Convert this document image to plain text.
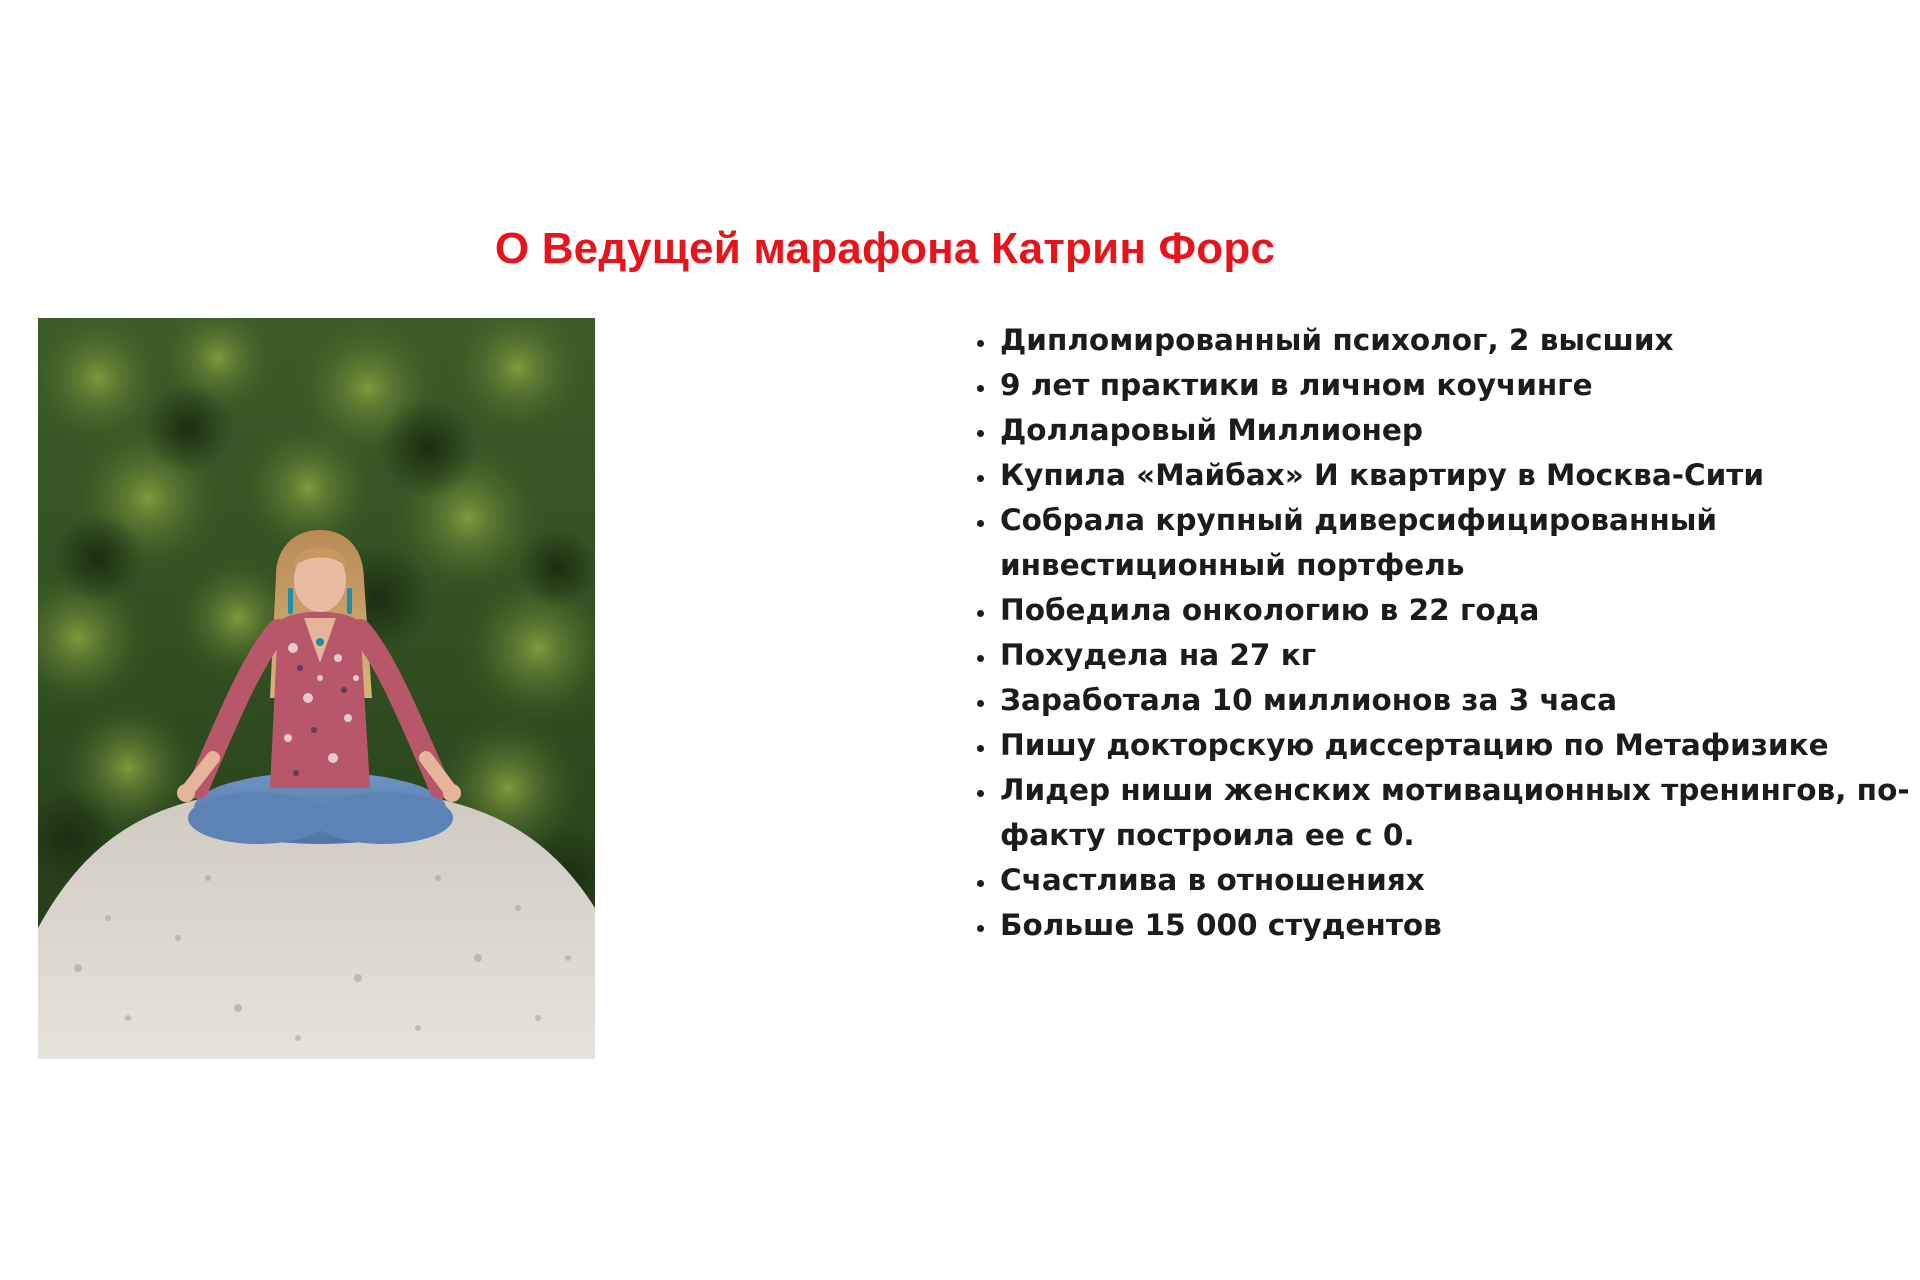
О Ведущей марафона Катрин Форс
• Дипломированный психолог, 2 высших
• 9 лет практики в личном коучинге
• Долларовый Миллионер
• Купила «Майбах» И квартиру в Москва-Сити
• Собрала крупный диверсифицированный инвестиционный портфель
• Победила онкологию в 22 года
• Похудела на 27 кг
• Заработала 10 миллионов за 3 часа
• Пишу докторскую диссертацию по Метафизике
• Лидер ниши женских мотивационных тренингов, по-факту построила ее с 0.
• Счастлива в отношениях
• Больше 15 000 студентов
